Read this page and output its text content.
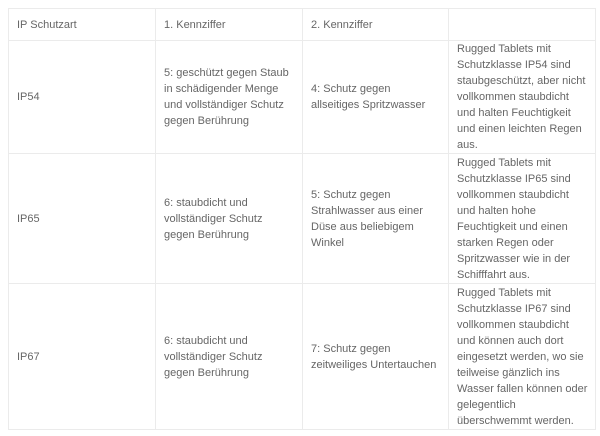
IP Schutzart	1. Kennziffer	2. Kennziffer	
IP54	5: geschützt gegen Staub in schädigender Menge und vollständiger Schutz gegen Berührung	4: Schutz gegen allseitiges Spritzwasser	Rugged Tablets mit Schutzklasse IP54 sind staubgeschützt, aber nicht vollkommen staubdicht und halten Feuchtigkeit und einen leichten Regen aus.
IP65	6: staubdicht und vollständiger Schutz gegen Berührung	5: Schutz gegen Strahlwasser aus einer Düse aus beliebigem Winkel	Rugged Tablets mit Schutzklasse IP65 sind vollkommen staubdicht und halten hohe Feuchtigkeit und einen starken Regen oder Spritzwasser wie in der Schifffahrt aus.
IP67	6: staubdicht und vollständiger Schutz gegen Berührung	7: Schutz gegen zeitweiliges Untertauchen	Rugged Tablets mit Schutzklasse IP67 sind vollkommen staubdicht und können auch dort eingesetzt werden, wo sie teilweise gänzlich ins Wasser fallen können oder gelegentlich überschwemmt werden.
